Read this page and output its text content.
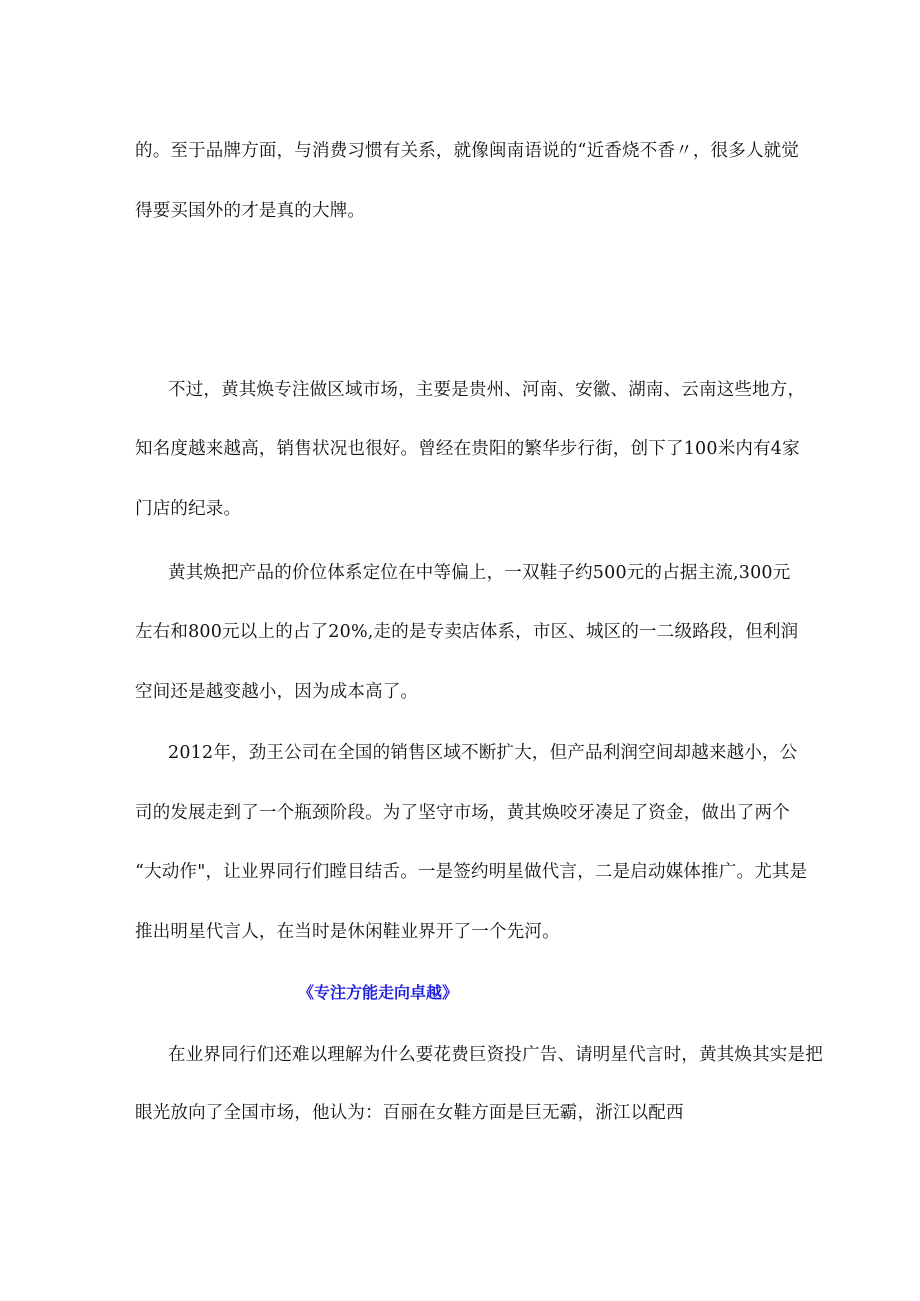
的。至于品牌方面，与消费习惯有关系，就像闽南语说的“近香烧不香〃，很多人就觉
得要买国外的才是真的大牌。
不过，黄其焕专注做区域市场，主要是贵州、河南、安徽、湖南、云南这些地方，
知名度越来越高，销售状况也很好。曾经在贵阳的繁华步行街，创下了100米内有4家
门店的纪录。
黄其焕把产品的价位体系定位在中等偏上，一双鞋子约500元的占据主流,300元
左右和800元以上的占了20%,走的是专卖店体系，市区、城区的一二级路段，但利润
空间还是越变越小，因为成本高了。
2012年，劲王公司在全国的销售区域不断扩大，但产品利润空间却越来越小，公
司的发展走到了一个瓶颈阶段。为了坚守市场，黄其焕咬牙凑足了资金，做出了两个
“大动作"，让业界同行们瞠目结舌。一是签约明星做代言，二是启动媒体推广。尤其是
推出明星代言人，在当时是休闲鞋业界开了一个先河。
《专注方能走向卓越》
在业界同行们还难以理解为什么要花费巨资投广告、请明星代言时，黄其焕其实是把
眼光放向了全国市场，他认为：百丽在女鞋方面是巨无霸，浙江以配西
